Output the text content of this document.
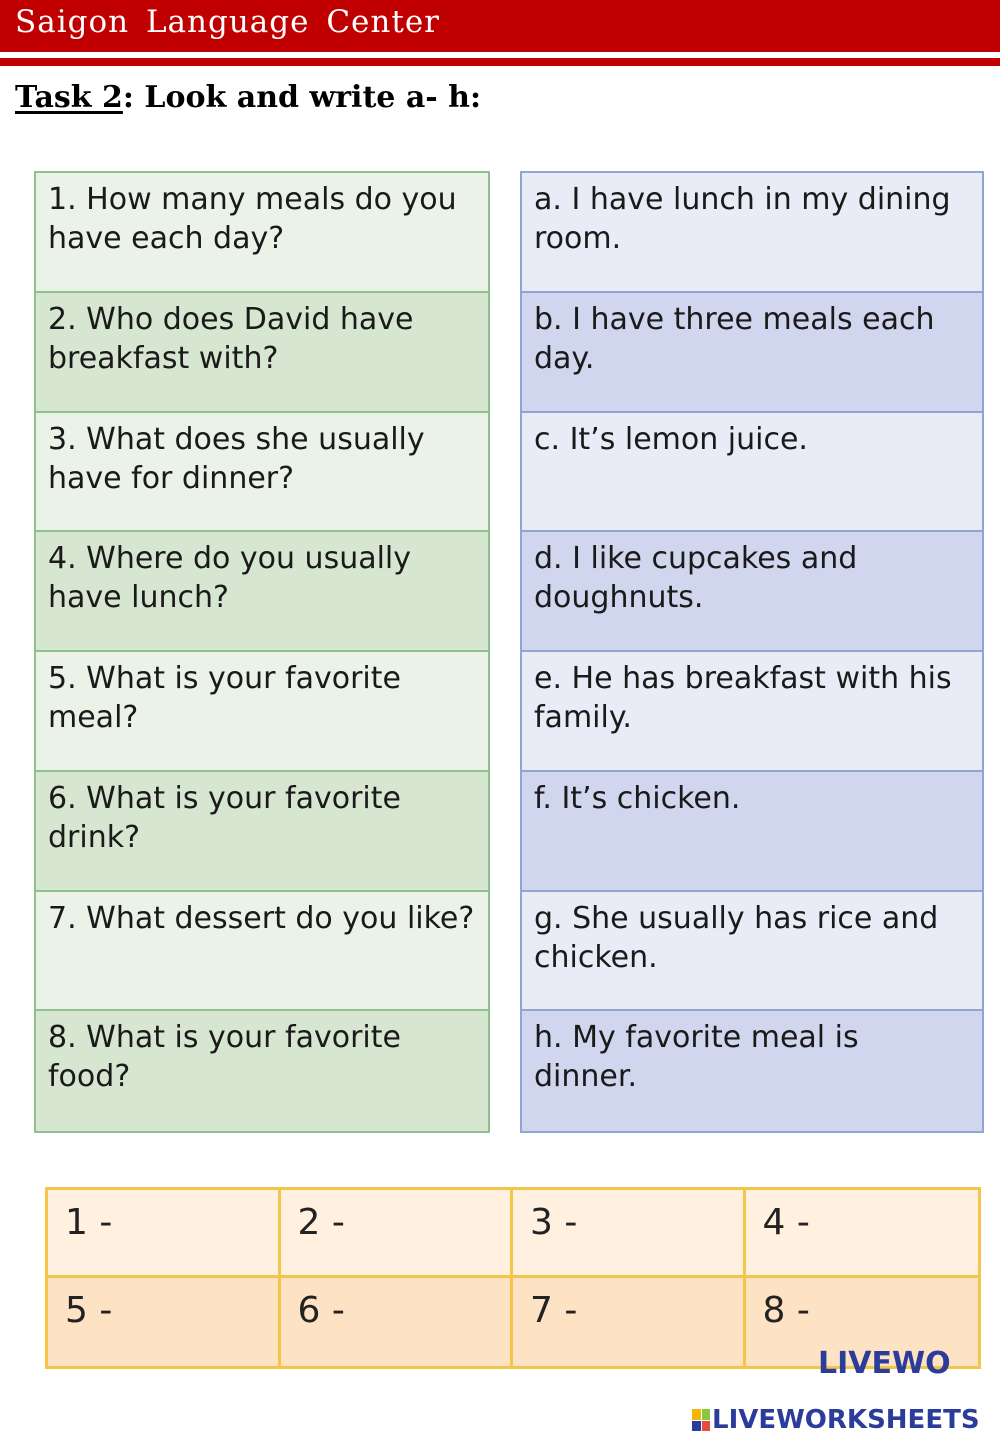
Saigon Language Center
Task 2: Look and write a- h:
1. How many meals do you have each day?
2. Who does David have breakfast with?
3. What does she usually have for dinner?
4. Where do you usually have lunch?
5. What is your favorite meal?
6. What is your favorite drink?
7. What dessert do you like?
8. What is your favorite food?
a. I have lunch in my dining room.
b. I have three meals each day.
c. It’s lemon juice.
d. I like cupcakes and doughnuts.
e. He has breakfast with his family.
f. It’s chicken.
g. She usually has rice and chicken.
h. My favorite meal is dinner.
1 -	2 -	3 -	4 -
5 -	6 -	7 -	8 -
LIVEWO
LIVEWORKSHEETS
